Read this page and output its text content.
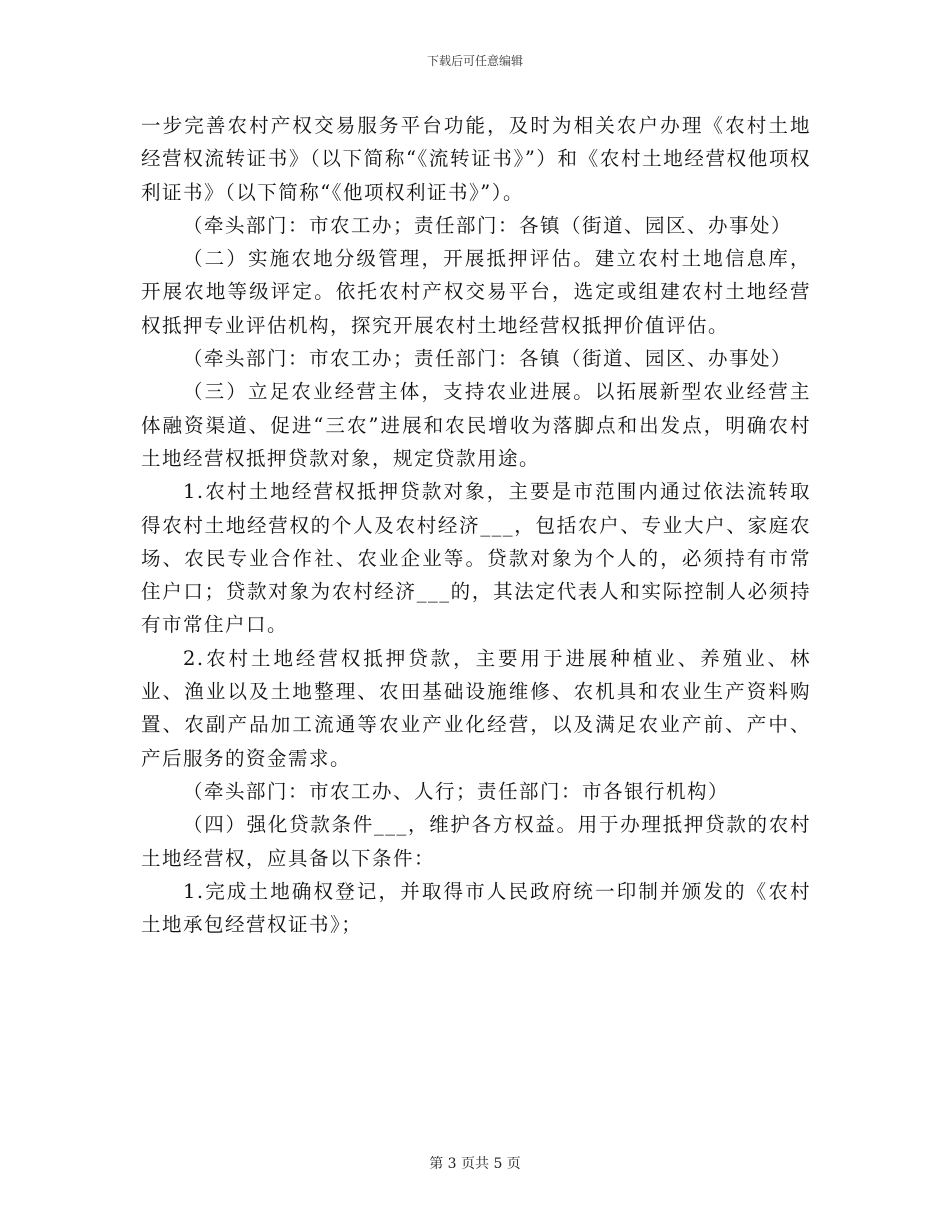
下载后可任意编辑

一步完善农村产权交易服务平台功能，及时为相关农户办理《农村土地经营权流转证书》（以下简称“《流转证书》”）和《农村土地经营权他项权利证书》（以下简称“《他项权利证书》”）。

（牵头部门：市农工办；责任部门：各镇（街道、园区、办事处）

（二）实施农地分级管理，开展抵押评估。建立农村土地信息库，开展农地等级评定。依托农村产权交易平台，选定或组建农村土地经营权抵押专业评估机构，探究开展农村土地经营权抵押价值评估。

（牵头部门：市农工办；责任部门：各镇（街道、园区、办事处）

（三）立足农业经营主体，支持农业进展。以拓展新型农业经营主体融资渠道、促进“三农”进展和农民增收为落脚点和出发点，明确农村土地经营权抵押贷款对象，规定贷款用途。

1.农村土地经营权抵押贷款对象，主要是市范围内通过依法流转取得农村土地经营权的个人及农村经济___，包括农户、专业大户、家庭农场、农民专业合作社、农业企业等。贷款对象为个人的，必须持有市常住户口；贷款对象为农村经济___的，其法定代表人和实际控制人必须持有市常住户口。

2.农村土地经营权抵押贷款，主要用于进展种植业、养殖业、林业、渔业以及土地整理、农田基础设施维修、农机具和农业生产资料购置、农副产品加工流通等农业产业化经营，以及满足农业产前、产中、产后服务的资金需求。

（牵头部门：市农工办、人行；责任部门：市各银行机构）

（四）强化贷款条件___，维护各方权益。用于办理抵押贷款的农村土地经营权，应具备以下条件：

1.完成土地确权登记，并取得市人民政府统一印制并颁发的《农村土地承包经营权证书》；

第 3 页共 5 页
